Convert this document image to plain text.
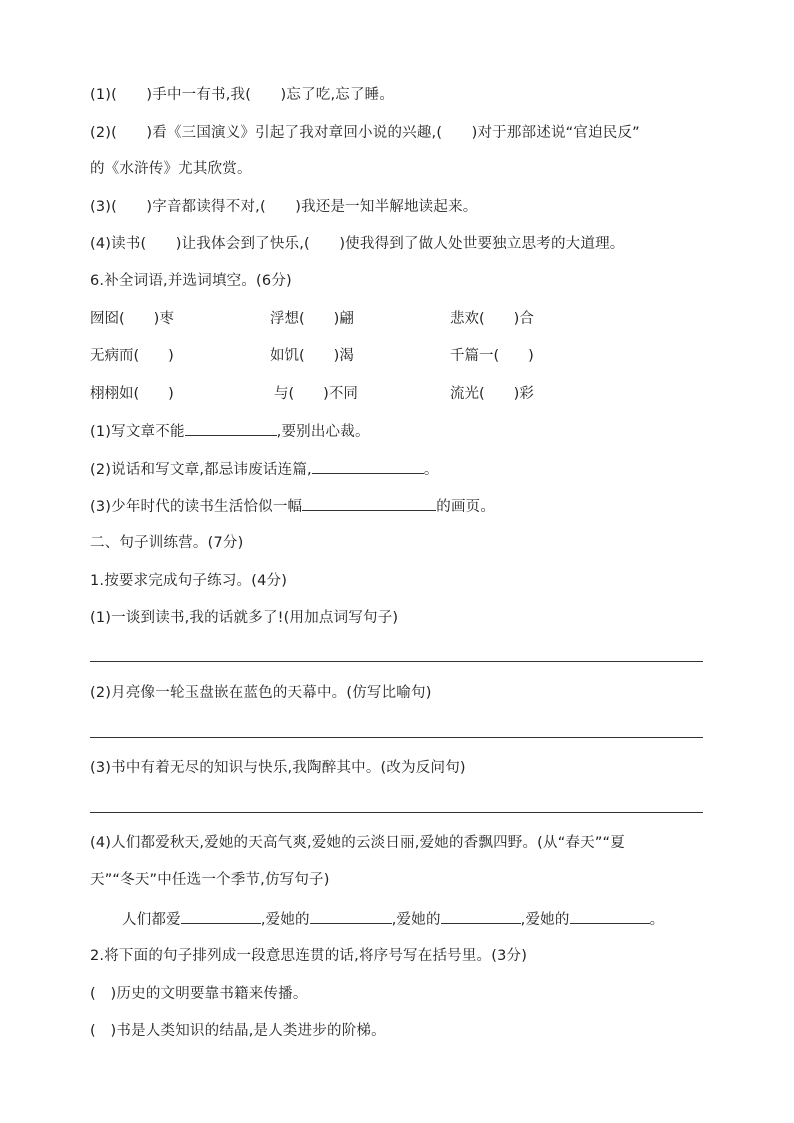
(1)(　　)手中一有书,我(　　)忘了吃,忘了睡。
(2)(　　)看《三国演义》引起了我对章回小说的兴趣,(　　)对于那部述说“官迫民反”
的《水浒传》尤其欣赏。
(3)(　　)字音都读得不对,(　　)我还是一知半解地读起来。
(4)读书(　　)让我体会到了快乐,(　　)使我得到了做人处世要独立思考的大道理。
6.补全词语,并选词填空。(6分)
囫囵(　　)枣	浮想(　　)翩	悲欢(　　)合
无病而(　　)	如饥(　　)渴	千篇一(　　)
栩栩如(　　)	与(　　)不同	流光(　　)彩
(1)写文章不能	,要别出心裁。
(2)说话和写文章,都忌讳废话连篇,	。
(3)少年时代的读书生活恰似一幅	的画页。
二、句子训练营。(7分)
1.按要求完成句子练习。(4分)
(1)一谈到读书,我的话就多了!(用加点词写句子)
(2)月亮像一轮玉盘嵌在蓝色的天幕中。(仿写比喻句)
(3)书中有着无尽的知识与快乐,我陶醉其中。(改为反问句)
(4)人们都爱秋天,爱她的天高气爽,爱她的云淡日丽,爱她的香飘四野。(从“春天”“夏
天”“冬天”中任选一个季节,仿写句子)
人们都爱	,爱她的	,爱她的	,爱她的	。
2.将下面的句子排列成一段意思连贯的话,将序号写在括号里。(3分)
(　)历史的文明要靠书籍来传播。
(　)书是人类知识的结晶,是人类进步的阶梯。
